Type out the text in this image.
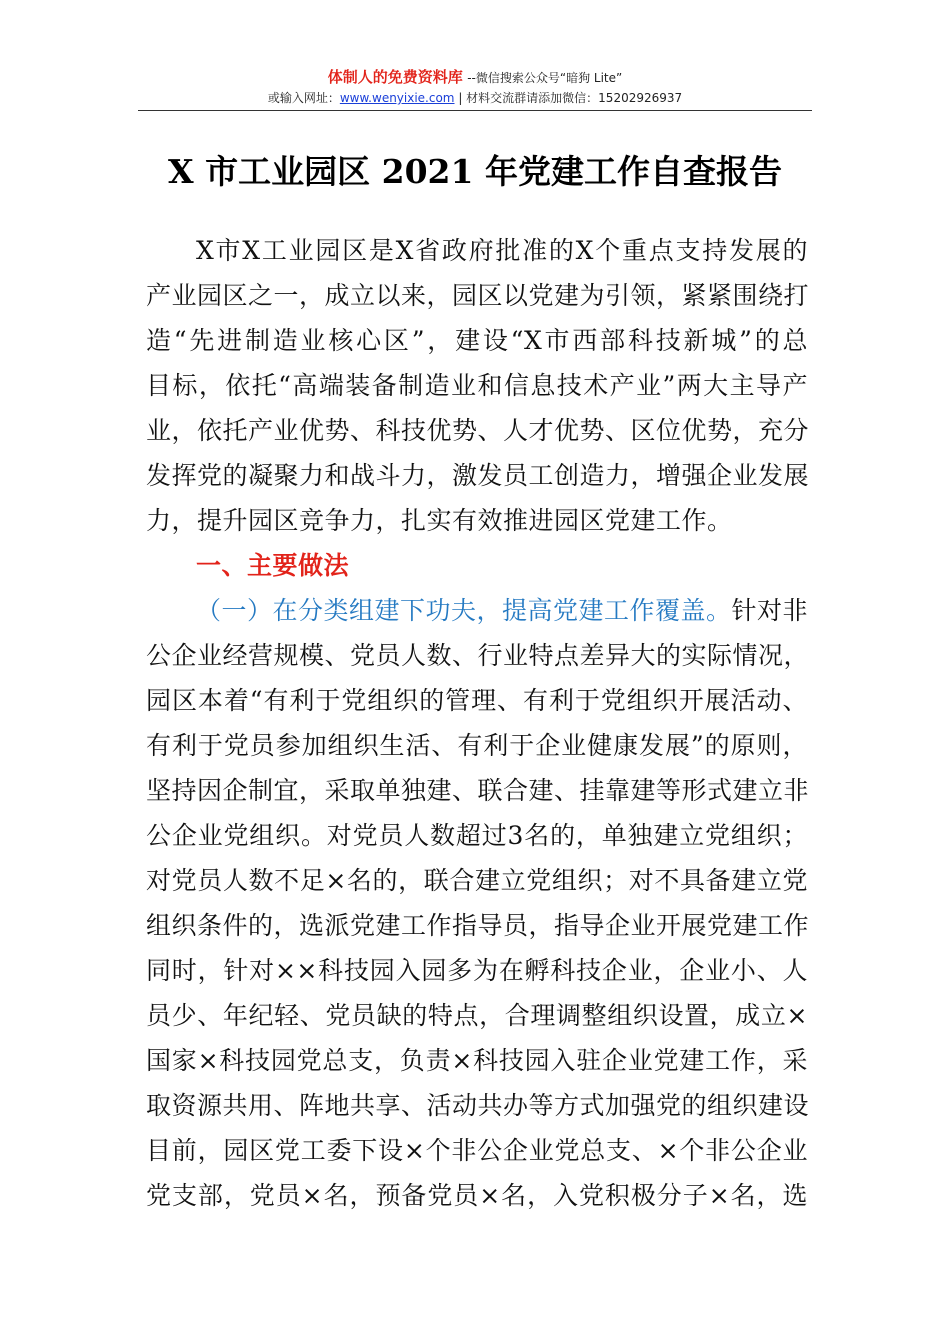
体制人的免费资料库 --微信搜索公众号“暗狗 Lite”
或输入网址：www.wenyixie.com | 材料交流群请添加微信：15202926937
X 市工业园区 2021 年党建工作自查报告
X市X工业园区是X省政府批准的X个重点支持发展的
产业园区之一，成立以来，园区以党建为引领，紧紧围绕打
造“先进制造业核心区”，建设“X市西部科技新城”的总
目标，依托“高端装备制造业和信息技术产业”两大主导产
业，依托产业优势、科技优势、人才优势、区位优势，充分
发挥党的凝聚力和战斗力，激发员工创造力，增强企业发展
力，提升园区竞争力，扎实有效推进园区党建工作。
一、主要做法
（一）在分类组建下功夫，提高党建工作覆盖。针对非
公企业经营规模、党员人数、行业特点差异大的实际情况，
园区本着“有利于党组织的管理、有利于党组织开展活动、
有利于党员参加组织生活、有利于企业健康发展”的原则，
坚持因企制宜，采取单独建、联合建、挂靠建等形式建立非
公企业党组织。对党员人数超过3名的，单独建立党组织；
对党员人数不足×名的，联合建立党组织；对不具备建立党
组织条件的，选派党建工作指导员，指导企业开展党建工作
同时，针对××科技园入园多为在孵科技企业，企业小、人
员少、年纪轻、党员缺的特点，合理调整组织设置，成立×
国家×科技园党总支，负责×科技园入驻企业党建工作，采
取资源共用、阵地共享、活动共办等方式加强党的组织建设
目前，园区党工委下设×个非公企业党总支、×个非公企业
党支部，党员×名，预备党员×名，入党积极分子×名，选
